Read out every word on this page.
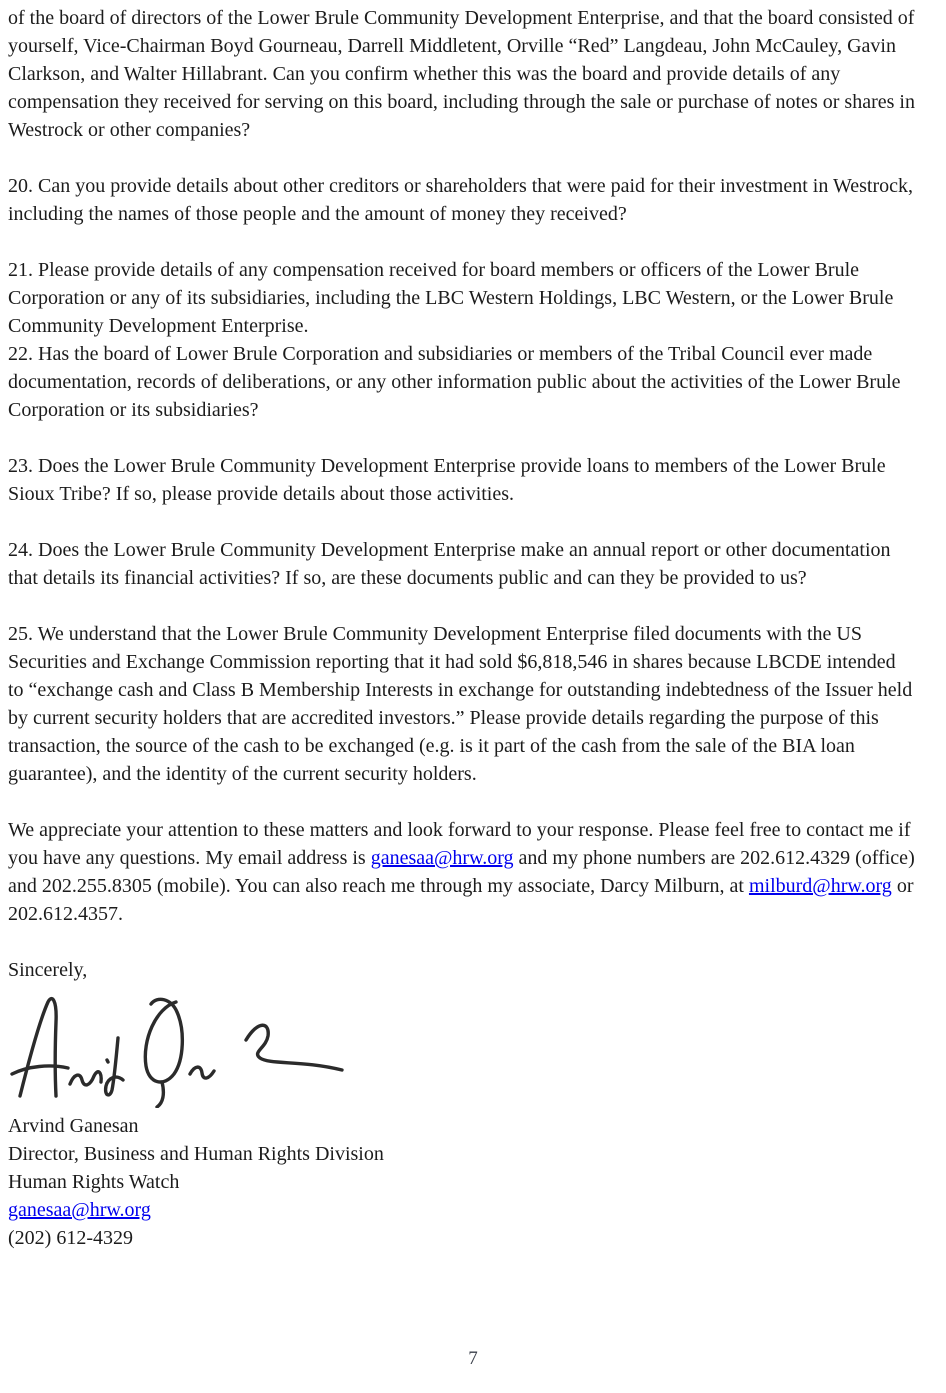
of the board of directors of the Lower Brule Community Development Enterprise, and that the board consisted of yourself, Vice-Chairman Boyd Gourneau, Darrell Middletent, Orville “Red” Langdeau, John McCauley, Gavin Clarkson, and Walter Hillabrant. Can you confirm whether this was the board and provide details of any compensation they received for serving on this board, including through the sale or purchase of notes or shares in Westrock or other companies?

20. Can you provide details about other creditors or shareholders that were paid for their investment in Westrock, including the names of those people and the amount of money they received?

21. Please provide details of any compensation received for board members or officers of the Lower Brule Corporation or any of its subsidiaries, including the LBC Western Holdings, LBC Western, or the Lower Brule Community Development Enterprise.

22. Has the board of Lower Brule Corporation and subsidiaries or members of the Tribal Council ever made documentation, records of deliberations, or any other information public about the activities of the Lower Brule Corporation or its subsidiaries?

23. Does the Lower Brule Community Development Enterprise provide loans to members of the Lower Brule Sioux Tribe? If so, please provide details about those activities.

24. Does the Lower Brule Community Development Enterprise make an annual report or other documentation that details its financial activities? If so, are these documents public and can they be provided to us?

25. We understand that the Lower Brule Community Development Enterprise filed documents with the US Securities and Exchange Commission reporting that it had sold $6,818,546 in shares because LBCDE intended to “exchange cash and Class B Membership Interests in exchange for outstanding indebtedness of the Issuer held by current security holders that are accredited investors.” Please provide details regarding the purpose of this transaction, the source of the cash to be exchanged (e.g. is it part of the cash from the sale of the BIA loan guarantee), and the identity of the current security holders.

We appreciate your attention to these matters and look forward to your response. Please feel free to contact me if you have any questions. My email address is ganesaa@hrw.org and my phone numbers are 202.612.4329 (office) and 202.255.8305 (mobile). You can also reach me through my associate, Darcy Milburn, at milburd@hrw.org or 202.612.4357.

Sincerely,

Arvind Ganesan
Director, Business and Human Rights Division
Human Rights Watch
ganesaa@hrw.org
(202) 612-4329
7
